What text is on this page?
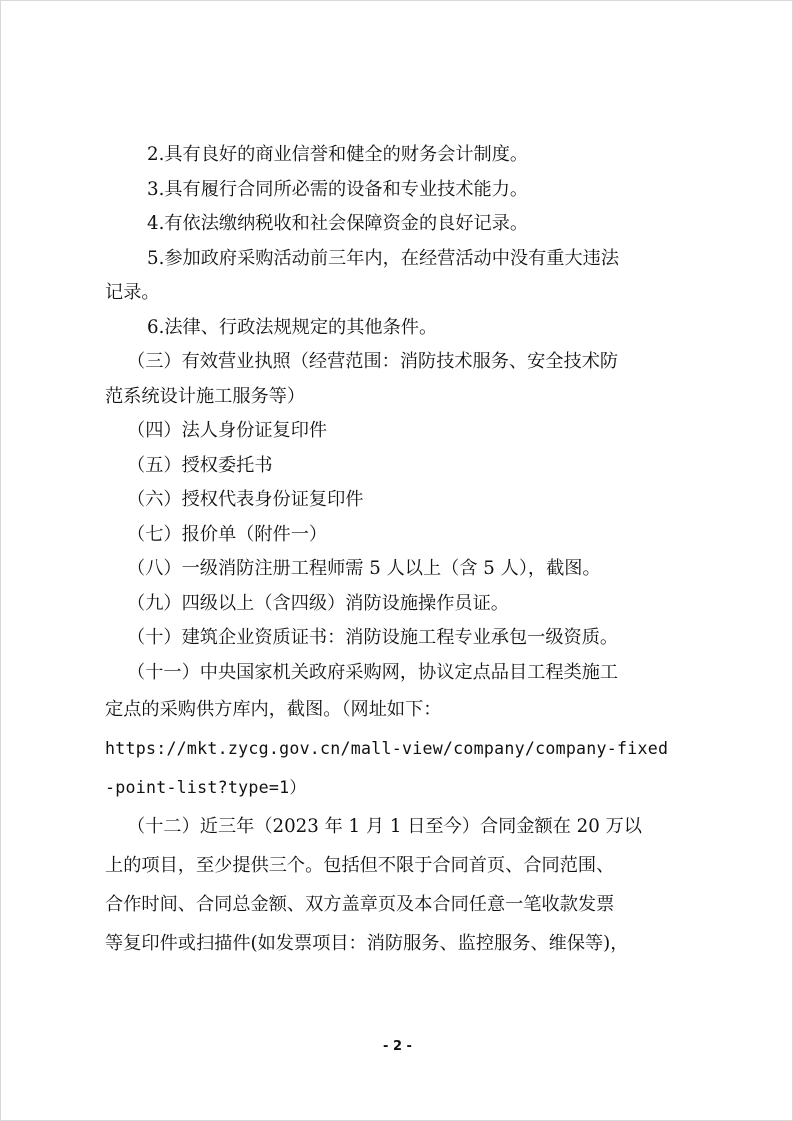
2.具有良好的商业信誉和健全的财务会计制度。
3.具有履行合同所必需的设备和专业技术能力。
4.有依法缴纳税收和社会保障资金的良好记录。
5.参加政府采购活动前三年内，在经营活动中没有重大违法
记录。
6.法律、行政法规规定的其他条件。
（三）有效营业执照（经营范围：消防技术服务、安全技术防
范系统设计施工服务等）
（四）法人身份证复印件
（五）授权委托书
（六）授权代表身份证复印件
（七）报价单（附件一）
（八）一级消防注册工程师需 5 人以上（含 5 人），截图。
（九）四级以上（含四级）消防设施操作员证。
（十）建筑企业资质证书：消防设施工程专业承包一级资质。
（十一）中央国家机关政府采购网，协议定点品目工程类施工
定点的采购供方库内，截图。（网址如下：
https://mkt.zycg.gov.cn/mall-view/company/company-fixed
-point-list?type=1）
（十二）近三年（2023 年 1 月 1 日至今）合同金额在 20 万以
上的项目，至少提供三个。包括但不限于合同首页、合同范围、
合作时间、合同总金额、双方盖章页及本合同任意一笔收款发票
等复印件或扫描件(如发票项目：消防服务、监控服务、维保等)，
- 2 -
